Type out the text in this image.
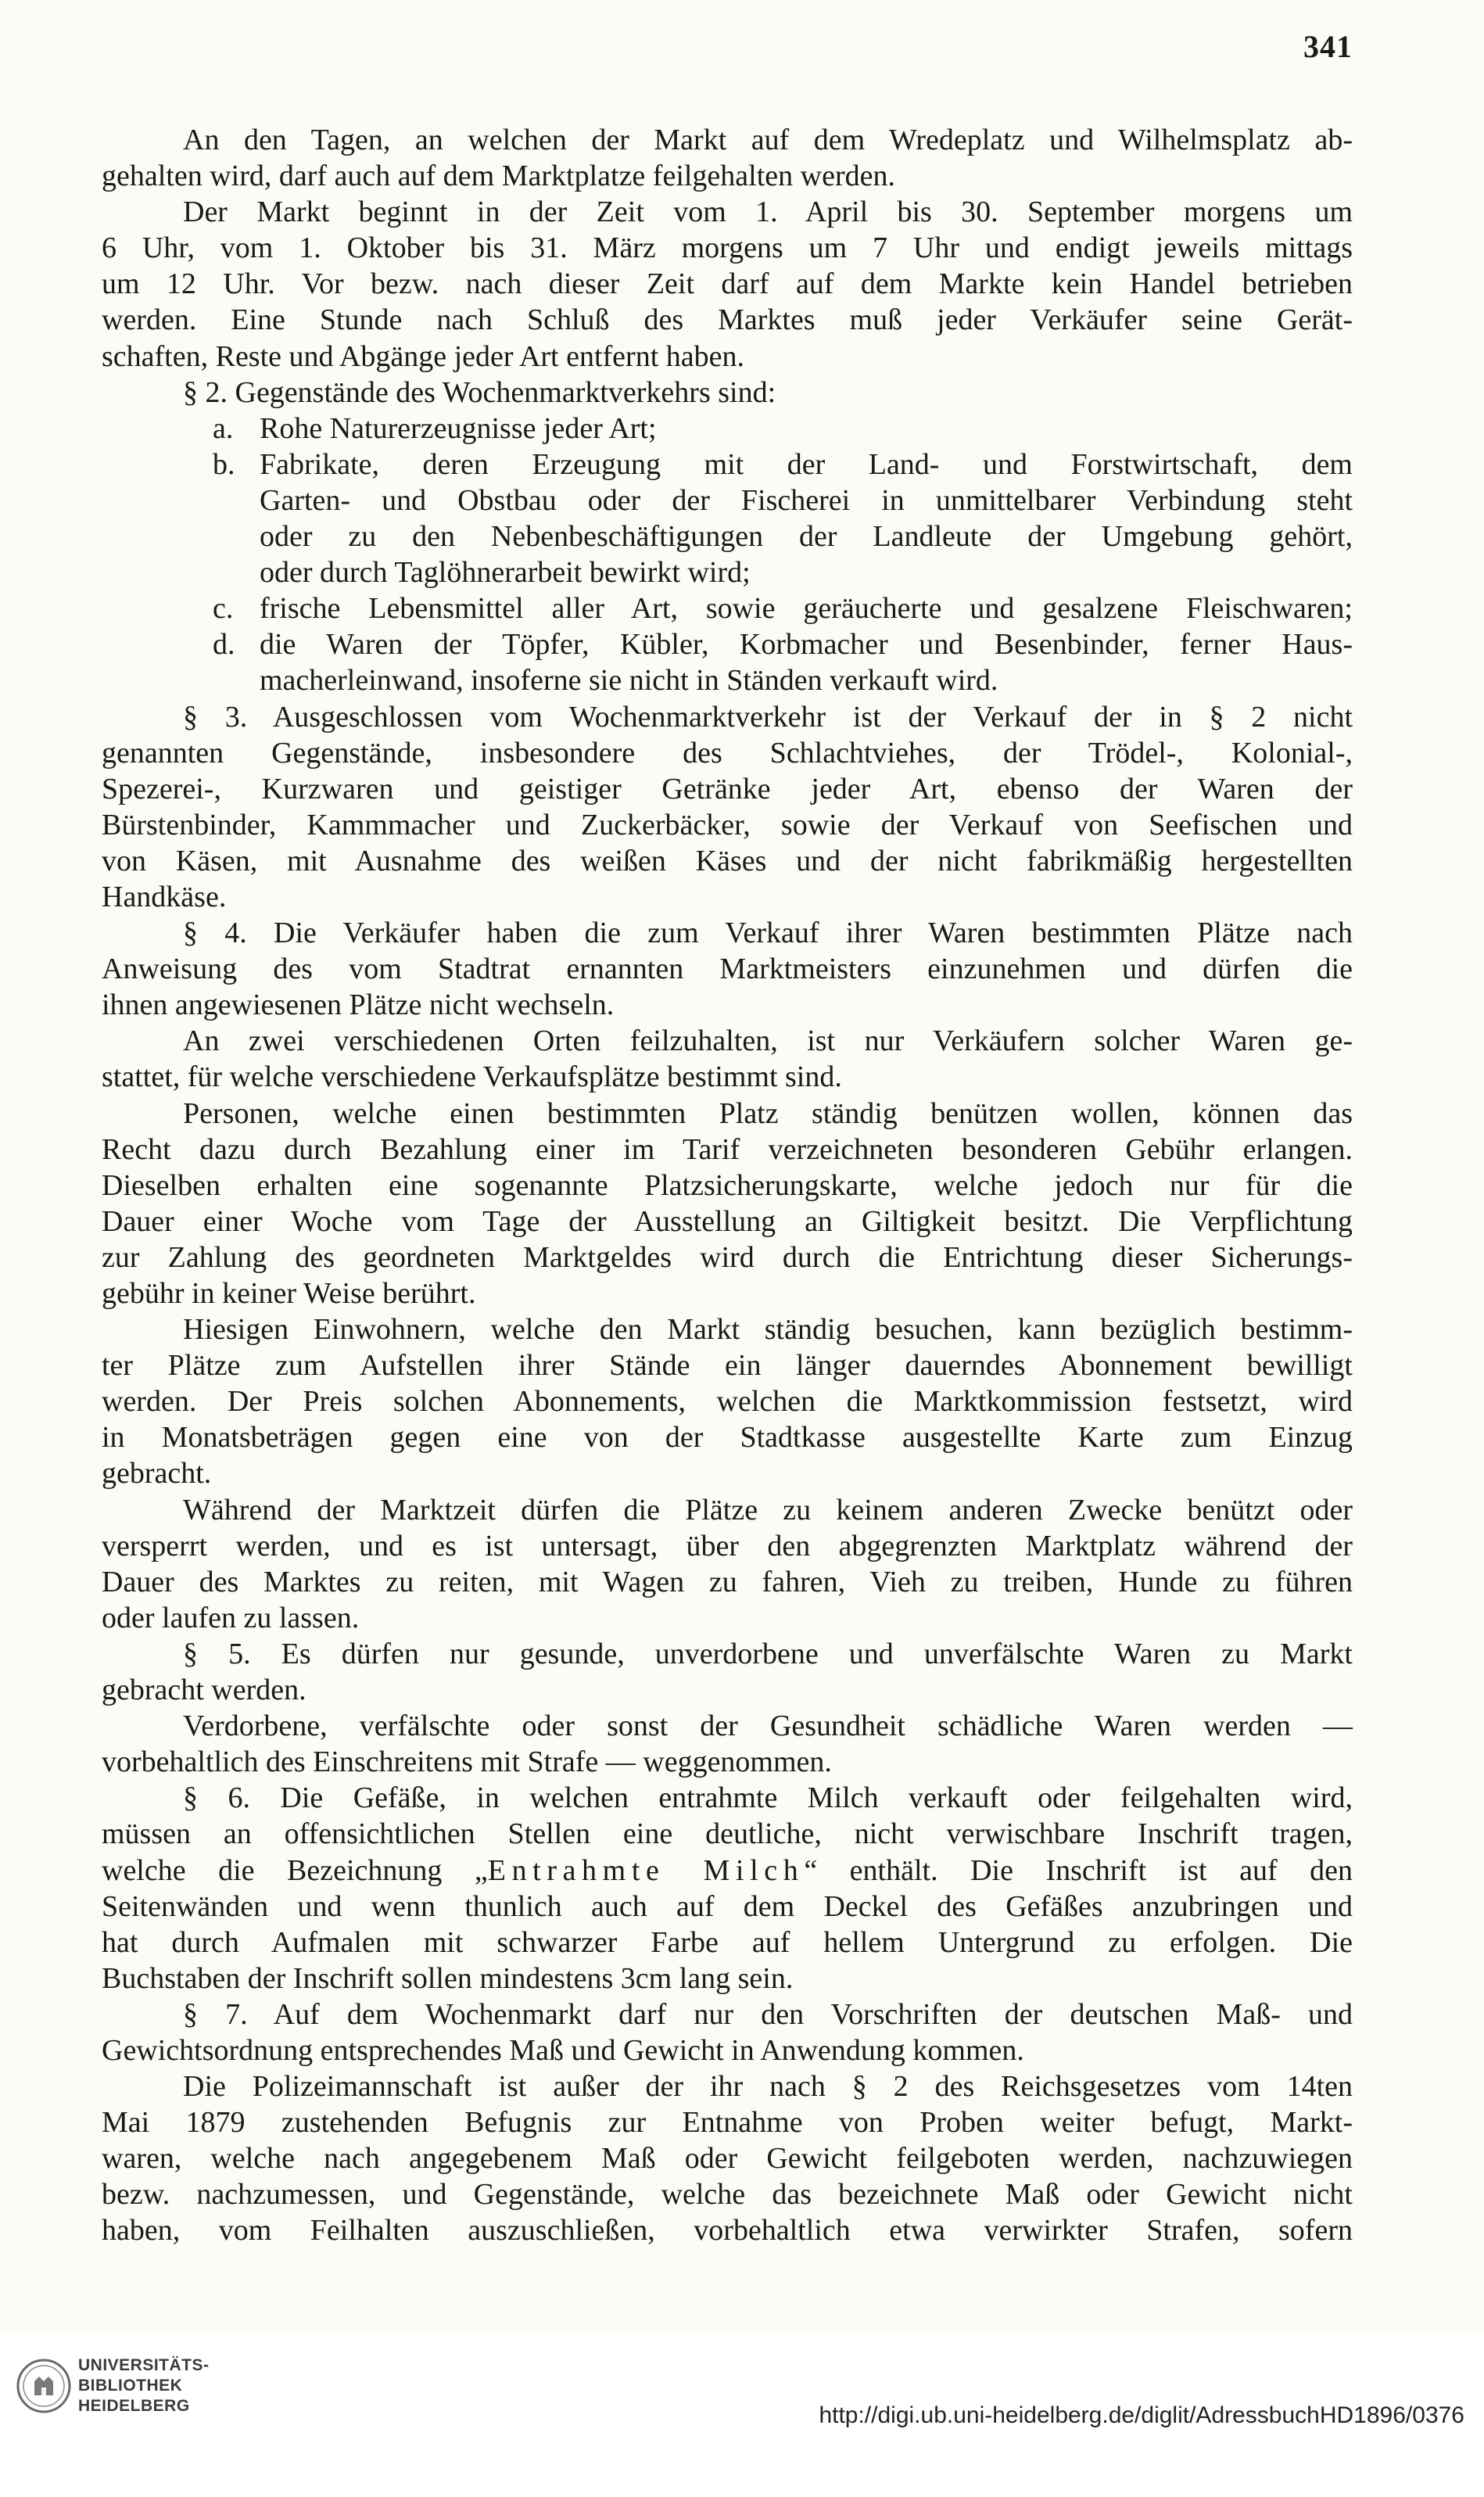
341
An den Tagen, an welchen der Markt auf dem Wredeplatz und Wilhelmsplatz ab-
gehalten wird, darf auch auf dem Marktplatze feilgehalten werden.
Der Markt beginnt in der Zeit vom 1. April bis 30. September morgens um
6 Uhr, vom 1. Oktober bis 31. März morgens um 7 Uhr und endigt jeweils mittags
um 12 Uhr. Vor bezw. nach dieser Zeit darf auf dem Markte kein Handel betrieben
werden. Eine Stunde nach Schluß des Marktes muß jeder Verkäufer seine Gerät-
schaften, Reste und Abgänge jeder Art entfernt haben.
§ 2. Gegenstände des Wochenmarktverkehrs sind:
a. Rohe Naturerzeugnisse jeder Art;
b. Fabrikate, deren Erzeugung mit der Land- und Forstwirtschaft, dem
Garten- und Obstbau oder der Fischerei in unmittelbarer Verbindung steht
oder zu den Nebenbeschäftigungen der Landleute der Umgebung gehört,
oder durch Taglöhnerarbeit bewirkt wird;
c. frische Lebensmittel aller Art, sowie geräucherte und gesalzene Fleischwaren;
d. die Waren der Töpfer, Kübler, Korbmacher und Besenbinder, ferner Haus-
macherleinwand, insoferne sie nicht in Ständen verkauft wird.
§ 3. Ausgeschlossen vom Wochenmarktverkehr ist der Verkauf der in § 2 nicht
genannten Gegenstände, insbesondere des Schlachtviehes, der Trödel-, Kolonial-,
Spezerei-, Kurzwaren und geistiger Getränke jeder Art, ebenso der Waren der
Bürstenbinder, Kammmacher und Zuckerbäcker, sowie der Verkauf von Seefischen und
von Käsen, mit Ausnahme des weißen Käses und der nicht fabrikmäßig hergestellten
Handkäse.
§ 4. Die Verkäufer haben die zum Verkauf ihrer Waren bestimmten Plätze nach
Anweisung des vom Stadtrat ernannten Marktmeisters einzunehmen und dürfen die
ihnen angewiesenen Plätze nicht wechseln.
An zwei verschiedenen Orten feilzuhalten, ist nur Verkäufern solcher Waren ge-
stattet, für welche verschiedene Verkaufsplätze bestimmt sind.
Personen, welche einen bestimmten Platz ständig benützen wollen, können das
Recht dazu durch Bezahlung einer im Tarif verzeichneten besonderen Gebühr erlangen.
Dieselben erhalten eine sogenannte Platzsicherungskarte, welche jedoch nur für die
Dauer einer Woche vom Tage der Ausstellung an Giltigkeit besitzt. Die Verpflichtung
zur Zahlung des geordneten Marktgeldes wird durch die Entrichtung dieser Sicherungs-
gebühr in keiner Weise berührt.
Hiesigen Einwohnern, welche den Markt ständig besuchen, kann bezüglich bestimm-
ter Plätze zum Aufstellen ihrer Stände ein länger dauerndes Abonnement bewilligt
werden. Der Preis solchen Abonnements, welchen die Marktkommission festsetzt, wird
in Monatsbeträgen gegen eine von der Stadtkasse ausgestellte Karte zum Einzug
gebracht.
Während der Marktzeit dürfen die Plätze zu keinem anderen Zwecke benützt oder
versperrt werden, und es ist untersagt, über den abgegrenzten Marktplatz während der
Dauer des Marktes zu reiten, mit Wagen zu fahren, Vieh zu treiben, Hunde zu führen
oder laufen zu lassen.
§ 5. Es dürfen nur gesunde, unverdorbene und unverfälschte Waren zu Markt
gebracht werden.
Verdorbene, verfälschte oder sonst der Gesundheit schädliche Waren werden —
vorbehaltlich des Einschreitens mit Strafe — weggenommen.
§ 6. Die Gefäße, in welchen entrahmte Milch verkauft oder feilgehalten wird,
müssen an offensichtlichen Stellen eine deutliche, nicht verwischbare Inschrift tragen,
welche die Bezeichnung „Entrahmte Milch“ enthält. Die Inschrift ist auf den
Seitenwänden und wenn thunlich auch auf dem Deckel des Gefäßes anzubringen und
hat durch Aufmalen mit schwarzer Farbe auf hellem Untergrund zu erfolgen. Die
Buchstaben der Inschrift sollen mindestens 3cm lang sein.
§ 7. Auf dem Wochenmarkt darf nur den Vorschriften der deutschen Maß- und
Gewichtsordnung entsprechendes Maß und Gewicht in Anwendung kommen.
Die Polizeimannschaft ist außer der ihr nach § 2 des Reichsgesetzes vom 14ten
Mai 1879 zustehenden Befugnis zur Entnahme von Proben weiter befugt, Markt-
waren, welche nach angegebenem Maß oder Gewicht feilgeboten werden, nachzuwiegen
bezw. nachzumessen, und Gegenstände, welche das bezeichnete Maß oder Gewicht nicht
haben, vom Feilhalten auszuschließen, vorbehaltlich etwa verwirkter Strafen, sofern
UNIVERSITÄTS-
BIBLIOTHEK
HEIDELBERG	http://digi.ub.uni-heidelberg.de/diglit/AdressbuchHD1896/0376
